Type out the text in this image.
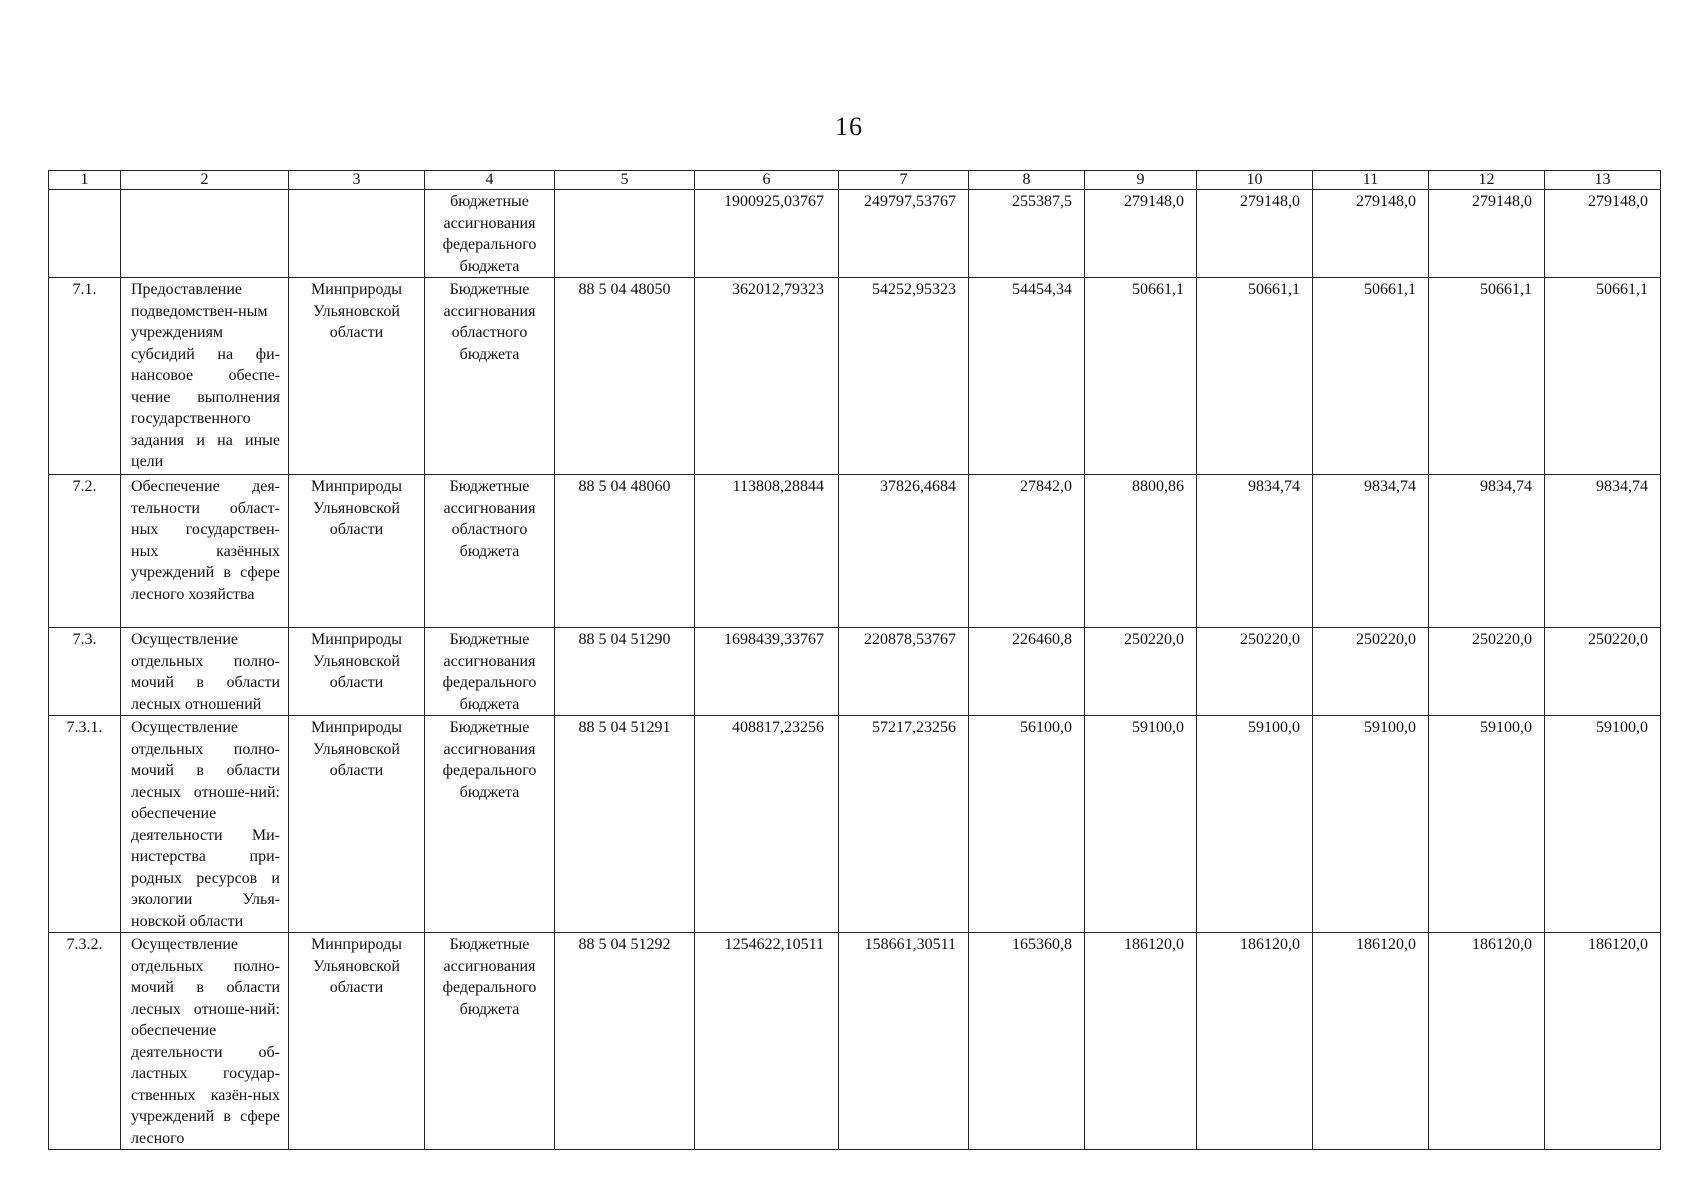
16
1	2	3	4	5	6	7	8	9	10	11	12	13
			бюджетные ассигнования федерального бюджета		1900925,03767	249797,53767	255387,5	279148,0	279148,0	279148,0	279148,0	279148,0
7.1.	Предоставление подведомствен-ным учреждениям субсидий на фи-нансовое обеспе-чение выполнения государственного задания и на иные цели	Минприроды Ульяновской области	Бюджетные ассигнования областного бюджета	88 5 04 48050	362012,79323	54252,95323	54454,34	50661,1	50661,1	50661,1	50661,1	50661,1
7.2.	Обеспечение дея-тельности област-ных государствен-ных казённых учреждений в сфере лесного хозяйства	Минприроды Ульяновской области	Бюджетные ассигнования областного бюджета	88 5 04 48060	113808,28844	37826,4684	27842,0	8800,86	9834,74	9834,74	9834,74	9834,74
7.3.	Осуществление отдельных полно-мочий в области лесных отношений	Минприроды Ульяновской области	Бюджетные ассигнования федерального бюджета	88 5 04 51290	1698439,33767	220878,53767	226460,8	250220,0	250220,0	250220,0	250220,0	250220,0
7.3.1.	Осуществление отдельных полно-мочий в области лесных отноше-ний: обеспечение деятельности Ми-нистерства при-родных ресурсов и экологии Улья-новской области	Минприроды Ульяновской области	Бюджетные ассигнования федерального бюджета	88 5 04 51291	408817,23256	57217,23256	56100,0	59100,0	59100,0	59100,0	59100,0	59100,0
7.3.2.	Осуществление отдельных полно-мочий в области лесных отноше-ний: обеспечение деятельности об-ластных государ-ственных казён-ных учреждений в сфере лесного	Минприроды Ульяновской области	Бюджетные ассигнования федерального бюджета	88 5 04 51292	1254622,10511	158661,30511	165360,8	186120,0	186120,0	186120,0	186120,0	186120,0
